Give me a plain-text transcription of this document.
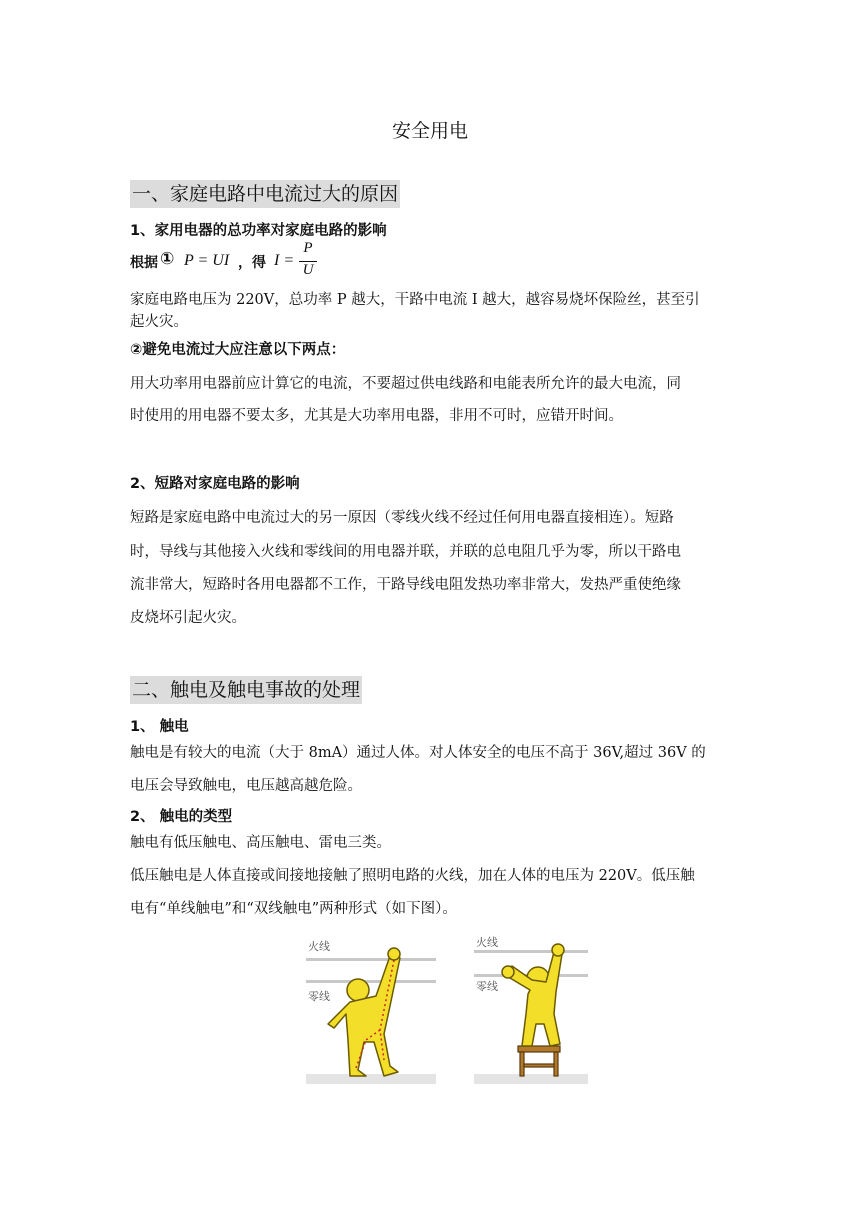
安全用电
一、家庭电路中电流过大的原因
1、家用电器的总功率对家庭电路的影响
根据 ① P = UI ，得 I =
P
U
家庭电路电压为 220V，总功率 P 越大，干路中电流 I 越大，越容易烧坏保险丝，甚至引
起火灾。
②避免电流过大应注意以下两点：
用大功率用电器前应计算它的电流，不要超过供电线路和电能表所允许的最大电流，同
时使用的用电器不要太多，尤其是大功率用电器，非用不可时，应错开时间。
2、短路对家庭电路的影响
短路是家庭电路中电流过大的另一原因（零线火线不经过任何用电器直接相连）。短路
时，导线与其他接入火线和零线间的用电器并联，并联的总电阻几乎为零，所以干路电
流非常大，短路时各用电器都不工作，干路导线电阻发热功率非常大，发热严重使绝缘
皮烧坏引起火灾。
二、触电及触电事故的处理
1、 触电
触电是有较大的电流（大于 8mA）通过人体。对人体安全的电压不高于 36V,超过 36V 的
电压会导致触电，电压越高越危险。
2、 触电的类型
触电有低压触电、高压触电、雷电三类。
低压触电是人体直接或间接地接触了照明电路的火线，加在人体的电压为 220V。低压触
电有“单线触电”和“双线触电”两种形式（如下图）。
火线
零线
火线
零线
